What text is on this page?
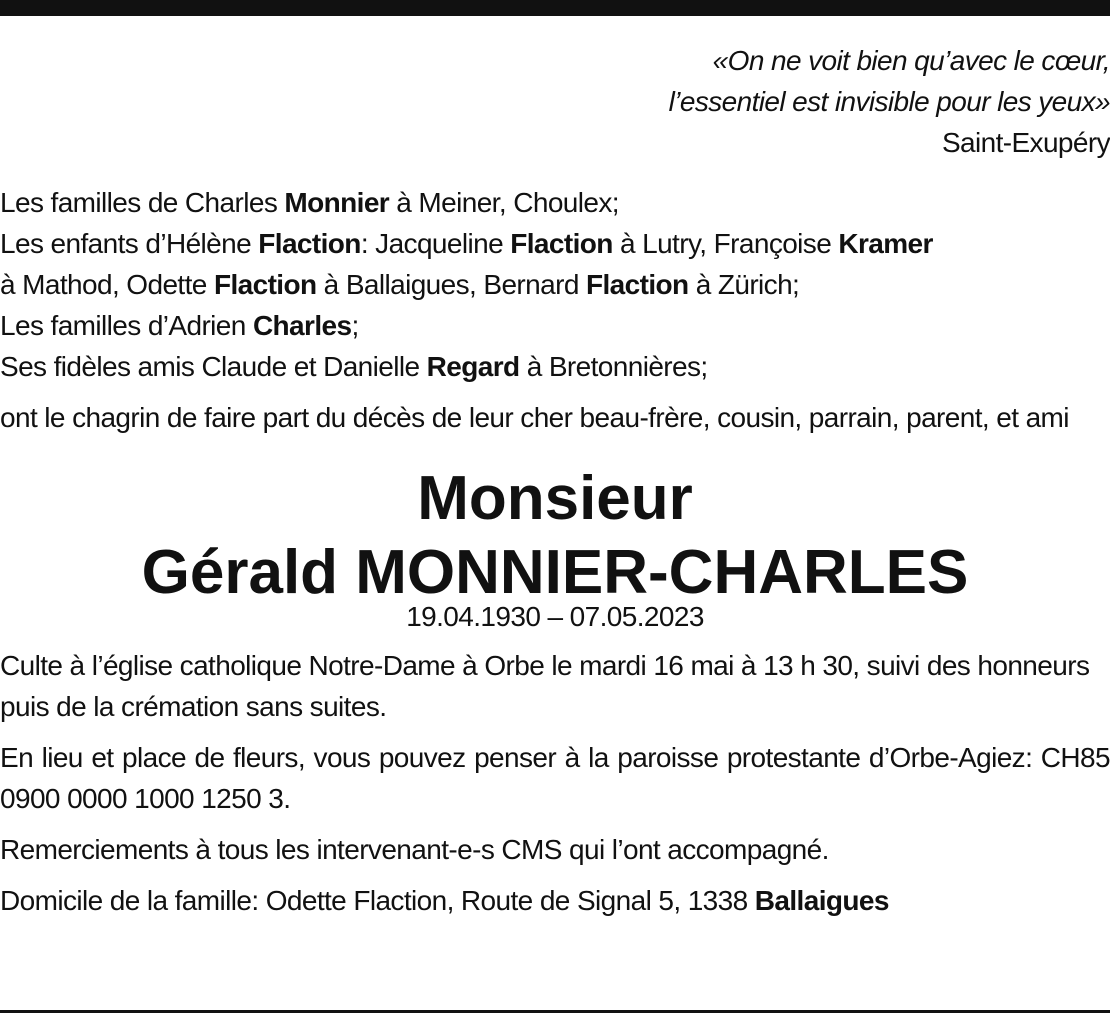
«On ne voit bien qu’avec le cœur,
l’essentiel est invisible pour les yeux»
Saint-Exupéry
Les familles de Charles Monnier à Meiner, Choulex;
Les enfants d’Hélène Flaction: Jacqueline Flaction à Lutry, Françoise Kramer
à Mathod, Odette Flaction à Ballaigues, Bernard Flaction à Zürich;
Les familles d’Adrien Charles;
Ses fidèles amis Claude et Danielle Regard à Bretonnières;

ont le chagrin de faire part du décès de leur cher beau-frère, cousin, parrain, parent, et ami

Monsieur
Gérald MONNIER-CHARLES

19.04.1930 – 07.05.2023

Culte à l’église catholique Notre-Dame à Orbe le mardi 16 mai à 13 h 30, suivi des honneurs puis de la crémation sans suites.

En lieu et place de fleurs, vous pouvez penser à la paroisse protestante d’Orbe-Agiez: CH85 0900 0000 1000 1250 3.

Remerciements à tous les intervenant-e-s CMS qui l’ont accompagné.

Domicile de la famille: Odette Flaction, Route de Signal 5, 1338 Ballaigues
